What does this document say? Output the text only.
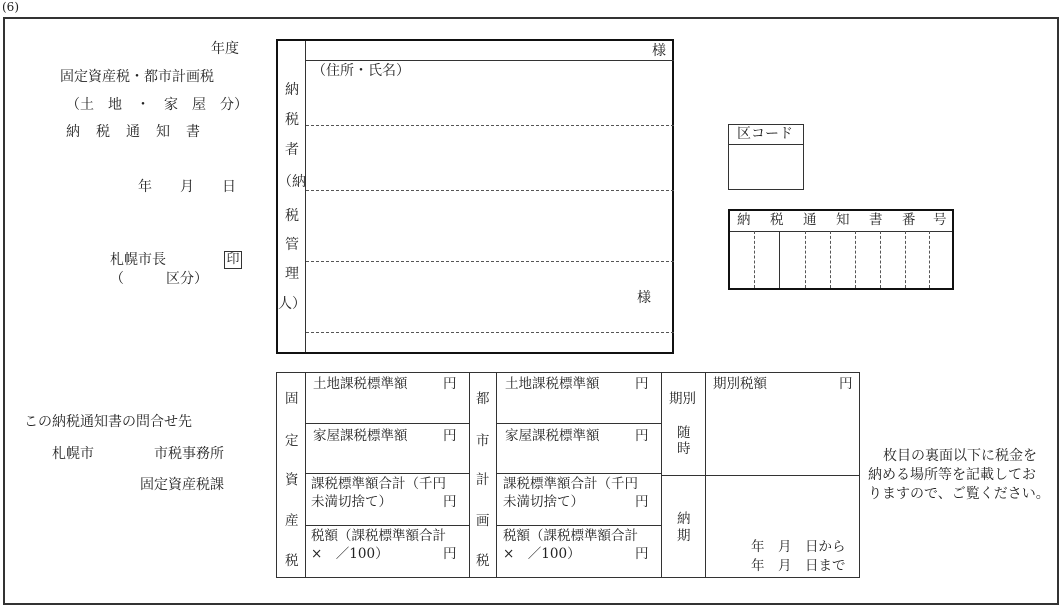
(6)
年度
固定資産税・都市計画税
（土　地　・　家　屋　分）
納　税　通　知　書
年　　月　　日
札幌市長	印
（　　　区分）
この納税通知書の問合せ先
札幌市	市税事務所
固定資産税課
納
税
者
（納
税
管
理
人）
様
（住所・氏名）
様
区コード
納 税 通 知 書 番 号
固
定
資
産
税
土地課税標準額	円
家屋課税標準額	円
課税標準額合計（千円
未満切捨て）	円
税額（課税標準額合計
×　／100）	円
都
市
計
画
税
土地課税標準額	円
家屋課税標準額	円
課税標準額合計（千円
未満切捨て）	円
税額（課税標準額合計
×　／100）	円
期別
随
時
納
期
期別税額	円
年　月　日から
年　月　日まで
枚目の裏面以下に税金を
納める場所等を記載してお
りますので、ご覧ください。
